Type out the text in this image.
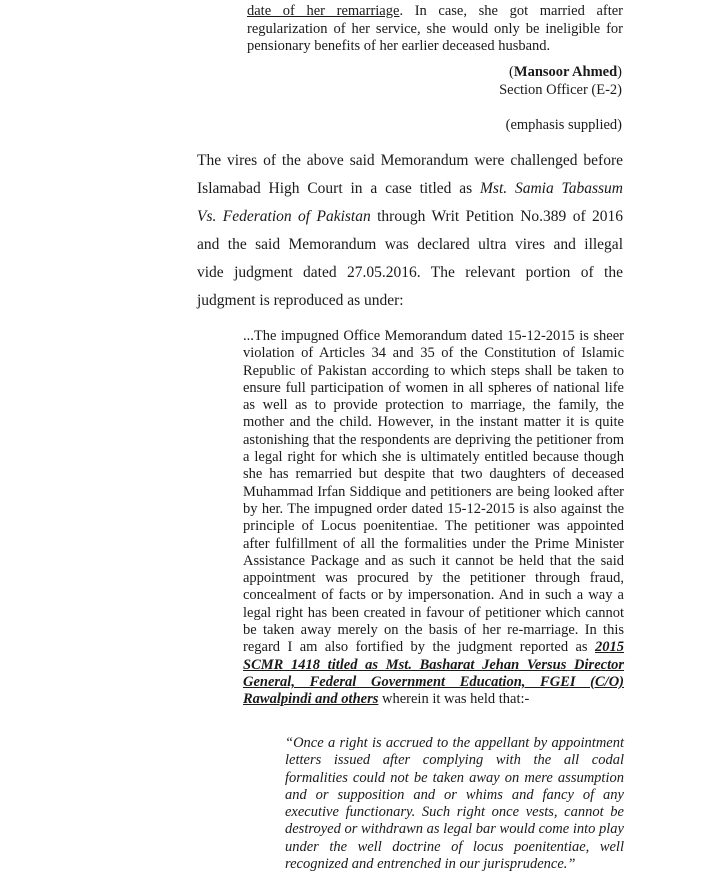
date of her remarriage. In case, she got married after regularization of her service, she would only be ineligible for pensionary benefits of her earlier deceased husband.
(Mansoor Ahmed)
Section Officer (E-2)
(emphasis supplied)
The vires of the above said Memorandum were challenged before
Islamabad High Court in a case titled as Mst. Samia Tabassum
Vs. Federation of Pakistan through Writ Petition No.389 of 2016
and the said Memorandum was declared ultra vires and illegal
vide judgment dated 27.05.2016. The relevant portion of the
judgment is reproduced as under:
...The impugned Office Memorandum dated 15-12-2015 is sheer violation of Articles 34 and 35 of the Constitution of Islamic Republic of Pakistan according to which steps shall be taken to ensure full participation of women in all spheres of national life as well as to provide protection to marriage, the family, the mother and the child. However, in the instant matter it is quite astonishing that the respondents are depriving the petitioner from a legal right for which she is ultimately entitled because though she has remarried but despite that two daughters of deceased Muhammad Irfan Siddique and petitioners are being looked after by her. The impugned order dated 15-12-2015 is also against the principle of Locus poenitentiae. The petitioner was appointed after fulfillment of all the formalities under the Prime Minister Assistance Package and as such it cannot be held that the said appointment was procured by the petitioner through fraud, concealment of facts or by impersonation. And in such a way a legal right has been created in favour of petitioner which cannot be taken away merely on the basis of her re-marriage. In this regard I am also fortified by the judgment reported as 2015 SCMR 1418 titled as Mst. Basharat Jehan Versus Director General, Federal Government Education, FGEI (C/O) Rawalpindi and others wherein it was held that:-
“Once a right is accrued to the appellant by appointment letters issued after complying with the all codal formalities could not be taken away on mere assumption and or supposition and or whims and fancy of any executive functionary. Such right once vests, cannot be destroyed or withdrawn as legal bar would come into play under the well doctrine of locus poenitentiae, well recognized and entrenched in our jurisprudence.”
